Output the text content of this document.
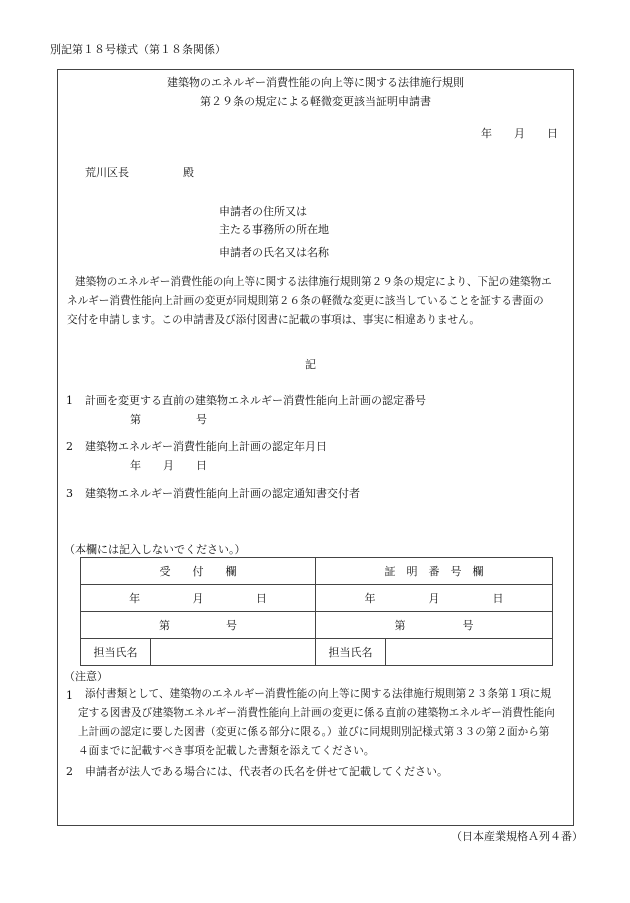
別記第１８号様式（第１８条関係）
建築物のエネルギー消費性能の向上等に関する法律施行規則
第２９条の規定による軽微変更該当証明申請書
年 月 日
荒川区長	殿
申請者の住所又は
主たる事務所の所在地
申請者の氏名又は名称
建築物のエネルギー消費性能の向上等に関する法律施行規則第２９条の規定により、下記の建築物エ
ネルギー消費性能向上計画の変更が同規則第２６条の軽微な変更に該当していることを証する書面の
交付を申請します。この申請書及び添付図書に記載の事項は、事実に相違ありません。
記
1 計画を変更する直前の建築物エネルギー消費性能向上計画の認定番号
第	号
2 建築物エネルギー消費性能向上計画の認定年月日
年 月 日
3 建築物エネルギー消費性能向上計画の認定通知書交付者
（本欄には記入しないでください。）
受　　付　　欄		証　明　番　号　欄	

年 月 日		年 月 日	

第 号		第 号	

担当氏名		担当氏名	
（注意）
1	添付書類として、建築物のエネルギー消費性能の向上等に関する法律施行規則第２３条第１項に規
定する図書及び建築物エネルギー消費性能向上計画の変更に係る直前の建築物エネルギー消費性能向
上計画の認定に要した図書（変更に係る部分に限る。）並びに同規則別記様式第３３の第２面から第
４面までに記載すべき事項を記載した書類を添えてください。
2 申請者が法人である場合には、代表者の氏名を併せて記載してください。
（日本産業規格Ａ列４番）
